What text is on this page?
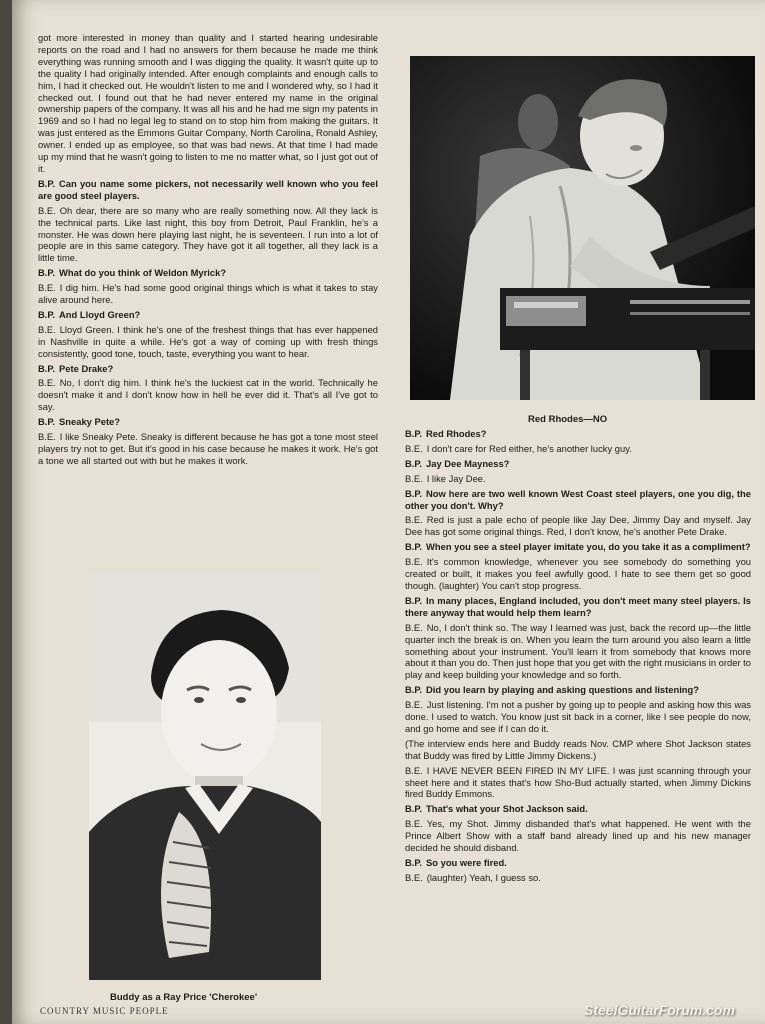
got more interested in money than quality and I started hearing undesirable reports on the road and I had no answers for them because he made me think everything was running smooth and I was digging the quality. It wasn't quite up to the quality I had originally intended. After enough complaints and enough calls to him, I had it checked out. He wouldn't listen to me and I wondered why, so I had it checked out. I found out that he had never entered my name in the original ownership papers of the company. It was all his and he had me sign my patents in 1969 and so I had no legal leg to stand on to stop him from making the guitars. It was just entered as the Emmons Guitar Company, North Carolina, Ronald Ashley, owner. I ended up as employee, so that was bad news. At that time I had made up my mind that he wasn't going to listen to me no matter what, so I just got out of it.
B.P. Can you name some pickers, not necessarily well known who you feel are good steel players.
B.E. Oh dear, there are so many who are really something now. All they lack is the technical parts. Like last night, this boy from Detroit, Paul Franklin, he's a monster. He was down here playing last night, he is seventeen. I run into a lot of people are in this same category. They have got it all together, all they lack is a little time.
B.P. What do you think of Weldon Myrick?
B.E. I dig him. He's had some good original things which is what it takes to stay alive around here.
B.P. And Lloyd Green?
B.E. Lloyd Green. I think he's one of the freshest things that has ever happened in Nashville in quite a while. He's got a way of coming up with fresh things consistently, good tone, touch, taste, everything you want to hear.
B.P. Pete Drake?
B.E. No, I don't dig him. I think he's the luckiest cat in the world. Technically he doesn't make it and I don't know how in hell he ever did it. That's all I've got to say.
B.P. Sneaky Pete?
B.E. I like Sneaky Pete. Sneaky is different because he has got a tone most steel players try not to get. But it's good in his case because he makes it work. He's got a tone we all started out with but he makes it work.
Red Rhodes—NO
B.P. Red Rhodes?
B.E. I don't care for Red either, he's another lucky guy.
B.P. Jay Dee Mayness?
B.E. I like Jay Dee.
B.P. Now here are two well known West Coast steel players, one you dig, the other you don't. Why?
B.E. Red is just a pale echo of people like Jay Dee, Jimmy Day and myself. Jay Dee has got some original things. Red, I don't know, he's another Pete Drake.
B.P. When you see a steel player imitate you, do you take it as a compliment?
B.E. It's common knowledge, whenever you see somebody do something you created or built, it makes you feel awfully good. I hate to see them get so good though. (laughter) You can't stop progress.
B.P. In many places, England included, you don't meet many steel players. Is there anyway that would help them learn?
B.E. No, I don't think so. The way I learned was just, back the record up—the little quarter inch the break is on. When you learn the turn around you also learn a little something about your instrument. You'll learn it from somebody that knows more about it than you do. Then just hope that you get with the right musicians in order to play and keep building your knowledge and so forth.
B.P. Did you learn by playing and asking questions and listening?
B.E. Just listening. I'm not a pusher by going up to people and asking how this was done. I used to watch. You know just sit back in a corner, like I see people do now, and go home and see if I can do it.
(The interview ends here and Buddy reads Nov. CMP where Shot Jackson states that Buddy was fired by Little Jimmy Dickens.)
B.E. I HAVE NEVER BEEN FIRED IN MY LIFE. I was just scanning through your sheet here and it states that's how Sho-Bud actually started, when Jimmy Dickins fired Buddy Emmons.
B.P. That's what your Shot Jackson said.
B.E. Yes, my Shot. Jimmy disbanded that's what happened. He went with the Prince Albert Show with a staff band already lined up and his new manager decided he should disband.
B.P. So you were fired.
B.E. (laughter) Yeah, I guess so.
Buddy as a Ray Price 'Cherokee'
COUNTRY MUSIC PEOPLE	SteelGuitarForum.com
